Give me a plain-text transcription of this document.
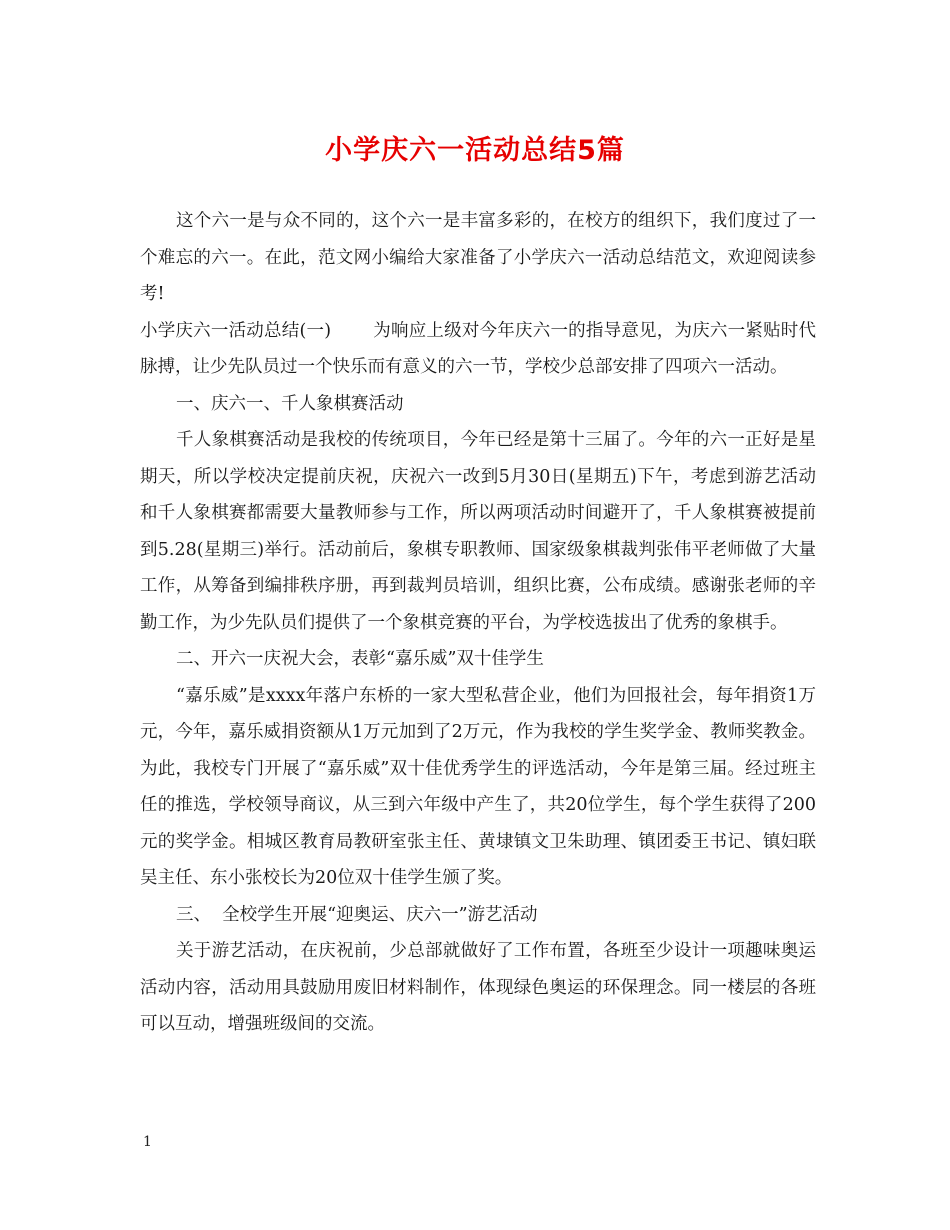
小学庆六一活动总结5篇

这个六一是与众不同的，这个六一是丰富多彩的，在校方的组织下，我们度过了一个难忘的六一。在此，范文网小编给大家准备了小学庆六一活动总结范文，欢迎阅读参考!

小学庆六一活动总结(一) 为响应上级对今年庆六一的指导意见，为庆六一紧贴时代脉搏，让少先队员过一个快乐而有意义的六一节，学校少总部安排了四项六一活动。

一、庆六一、千人象棋赛活动

千人象棋赛活动是我校的传统项目，今年已经是第十三届了。今年的六一正好是星期天，所以学校决定提前庆祝，庆祝六一改到5月30日(星期五)下午，考虑到游艺活动和千人象棋赛都需要大量教师参与工作，所以两项活动时间避开了，千人象棋赛被提前到5.28(星期三)举行。活动前后，象棋专职教师、国家级象棋裁判张伟平老师做了大量工作，从筹备到编排秩序册，再到裁判员培训，组织比赛，公布成绩。感谢张老师的辛勤工作，为少先队员们提供了一个象棋竞赛的平台，为学校选拔出了优秀的象棋手。

二、开六一庆祝大会，表彰“嘉乐威”双十佳学生

“嘉乐威”是xxxx年落户东桥的一家大型私营企业，他们为回报社会，每年捐资1万元，今年，嘉乐威捐资额从1万元加到了2万元，作为我校的学生奖学金、教师奖教金。为此，我校专门开展了“嘉乐威”双十佳优秀学生的评选活动，今年是第三届。经过班主任的推选，学校领导商议，从三到六年级中产生了，共20位学生，每个学生获得了200元的奖学金。相城区教育局教研室张主任、黄埭镇文卫朱助理、镇团委王书记、镇妇联吴主任、东小张校长为20位双十佳学生颁了奖。

三、  全校学生开展“迎奥运、庆六一”游艺活动

关于游艺活动，在庆祝前，少总部就做好了工作布置，各班至少设计一项趣味奥运活动内容，活动用具鼓励用废旧材料制作，体现绿色奥运的环保理念。同一楼层的各班可以互动，增强班级间的交流。

1
